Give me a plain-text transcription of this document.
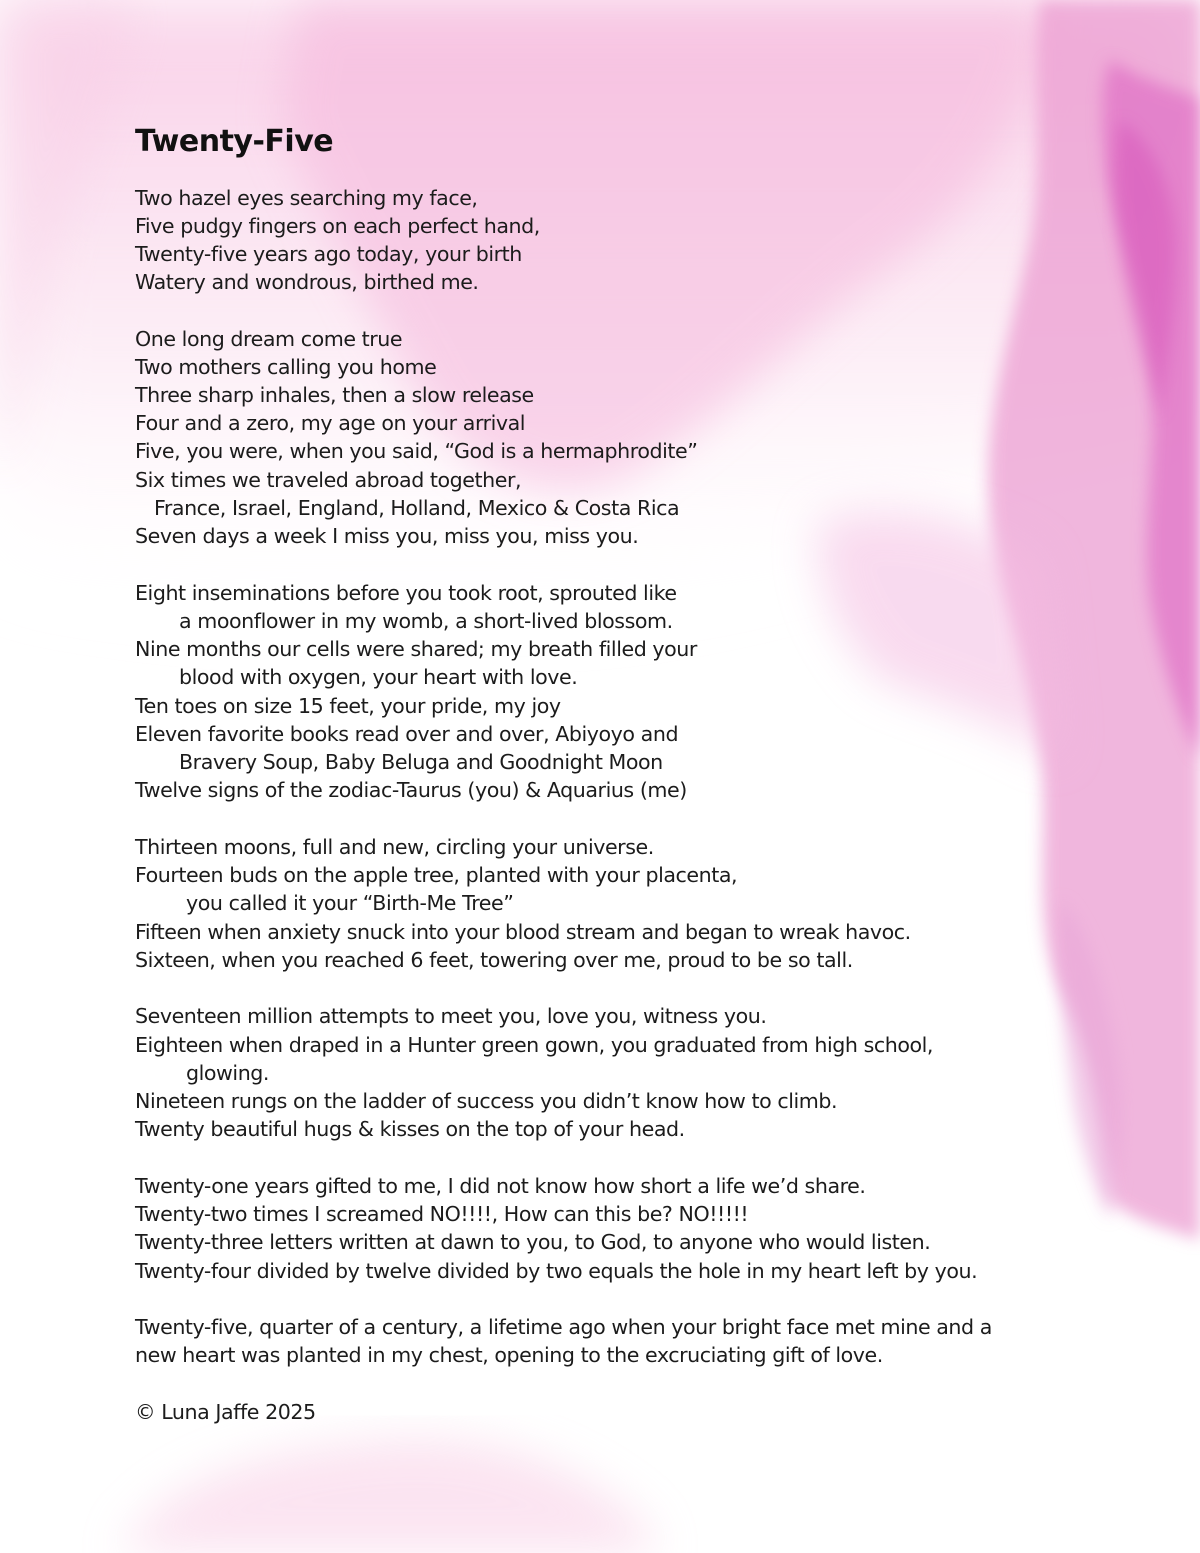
Twenty-Five

Two hazel eyes searching my face,

Five pudgy fingers on each perfect hand,

Twenty-five years ago today, your birth

Watery and wondrous, birthed me.

One long dream come true

Two mothers calling you home

Three sharp inhales, then a slow release

Four and a zero, my age on your arrival

Five, you were, when you said, “God is a hermaphrodite”

Six times we traveled abroad together,

France, Israel, England, Holland, Mexico & Costa Rica

Seven days a week I miss you, miss you, miss you.

Eight inseminations before you took root, sprouted like

a moonflower in my womb, a short-lived blossom.

Nine months our cells were shared; my breath filled your

blood with oxygen, your heart with love.

Ten toes on size 15 feet, your pride, my joy

Eleven favorite books read over and over, Abiyoyo and

Bravery Soup, Baby Beluga and Goodnight Moon

Twelve signs of the zodiac-Taurus (you) & Aquarius (me)

Thirteen moons, full and new, circling your universe.

Fourteen buds on the apple tree, planted with your placenta,

you called it your “Birth-Me Tree”

Fifteen when anxiety snuck into your blood stream and began to wreak havoc.

Sixteen, when you reached 6 feet, towering over me, proud to be so tall.

Seventeen million attempts to meet you, love you, witness you.

Eighteen when draped in a Hunter green gown, you graduated from high school,

glowing.

Nineteen rungs on the ladder of success you didn’t know how to climb.

Twenty beautiful hugs & kisses on the top of your head.

Twenty-one years gifted to me, I did not know how short a life we’d share.

Twenty-two times I screamed NO!!!!, How can this be? NO!!!!!

Twenty-three letters written at dawn to you, to God, to anyone who would listen.

Twenty-four divided by twelve divided by two equals the hole in my heart left by you.

Twenty-five, quarter of a century, a lifetime ago when your bright face met mine and a

new heart was planted in my chest, opening to the excruciating gift of love.

© Luna Jaffe 2025
